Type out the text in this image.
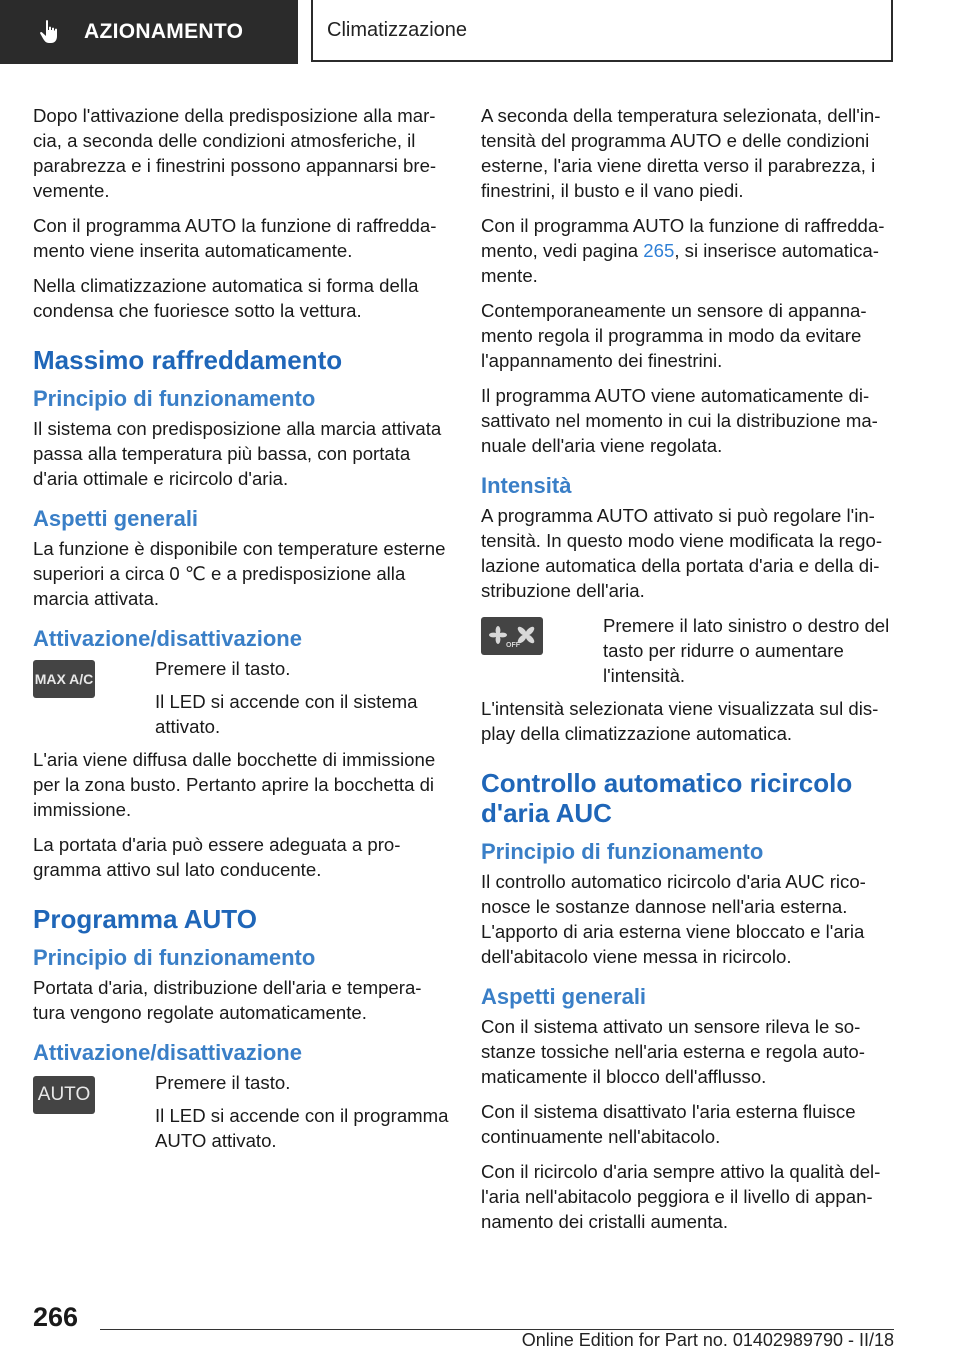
AZIONAMENTO	Climatizzazione

Dopo l'attivazione della predisposizione alla mar‐ cia, a seconda delle condizioni atmosferiche, il parabrezza e i finestrini possono appannarsi bre‐ vemente.

Con il programma AUTO la funzione di raffredda‐ mento viene inserita automaticamente.

Nella climatizzazione automatica si forma della condensa che fuoriesce sotto la vettura.

Massimo raffreddamento
Principio di funzionamento

Il sistema con predisposizione alla marcia attivata passa alla temperatura più bassa, con portata d'aria ottimale e ricircolo d'aria.

Aspetti generali

La funzione è disponibile con temperature esterne superiori a circa 0 ℃ e a predisposizione alla marcia attivata.

Attivazione/disattivazione
MAX A/C	Premere il tasto.

Il LED si accende con il sistema attivato.

L'aria viene diffusa dalle bocchette di immissione per la zona busto. Pertanto aprire la bocchetta di immissione.

La portata d'aria può essere adeguata a pro‐ gramma attivo sul lato conducente.

Programma AUTO
Principio di funzionamento

Portata d'aria, distribuzione dell'aria e tempera‐ tura vengono regolate automaticamente.

Attivazione/disattivazione
AUTO

Premere il tasto.

Il LED si accende con il programma AUTO attivato.

A seconda della temperatura selezionata, dell'in‐ tensità del programma AUTO e delle condizioni esterne, l'aria viene diretta verso il parabrezza, i finestrini, il busto e il vano piedi.

Con il programma AUTO la funzione di raffredda‐ mento, vedi pagina 265, si inserisce automatica‐ mente.

Contemporaneamente un sensore di appanna‐ mento regola il programma in modo da evitare l'appannamento dei finestrini.

Il programma AUTO viene automaticamente di‐ sattivato nel momento in cui la distribuzione ma‐ nuale dell'aria viene regolata.

Intensità

A programma AUTO attivato si può regolare l'in‐ tensità. In questo modo viene modificata la rego‐ lazione automatica della portata d'aria e della di‐ stribuzione dell'aria.

OFF

Premere il lato sinistro o destro del tasto per ridurre o aumentare l'intensità.

L'intensità selezionata viene visualizzata sul dis‐ play della climatizzazione automatica.

Controllo automatico ricircolo d'aria AUC
Principio di funzionamento

Il controllo automatico ricircolo d'aria AUC rico‐ nosce le sostanze dannose nell'aria esterna. L'apporto di aria esterna viene bloccato e l'aria dell'abitacolo viene messa in ricircolo.

Aspetti generali

Con il sistema attivato un sensore rileva le so‐ stanze tossiche nell'aria esterna e regola auto‐ maticamente il blocco dell'afflusso.

Con il sistema disattivato l'aria esterna fluisce continuamente nell'abitacolo.

Con il ricircolo d'aria sempre attivo la qualità del‐ l'aria nell'abitacolo peggiora e il livello di appan‐ namento dei cristalli aumenta.

266
Online Edition for Part no. 01402989790 - II/18
